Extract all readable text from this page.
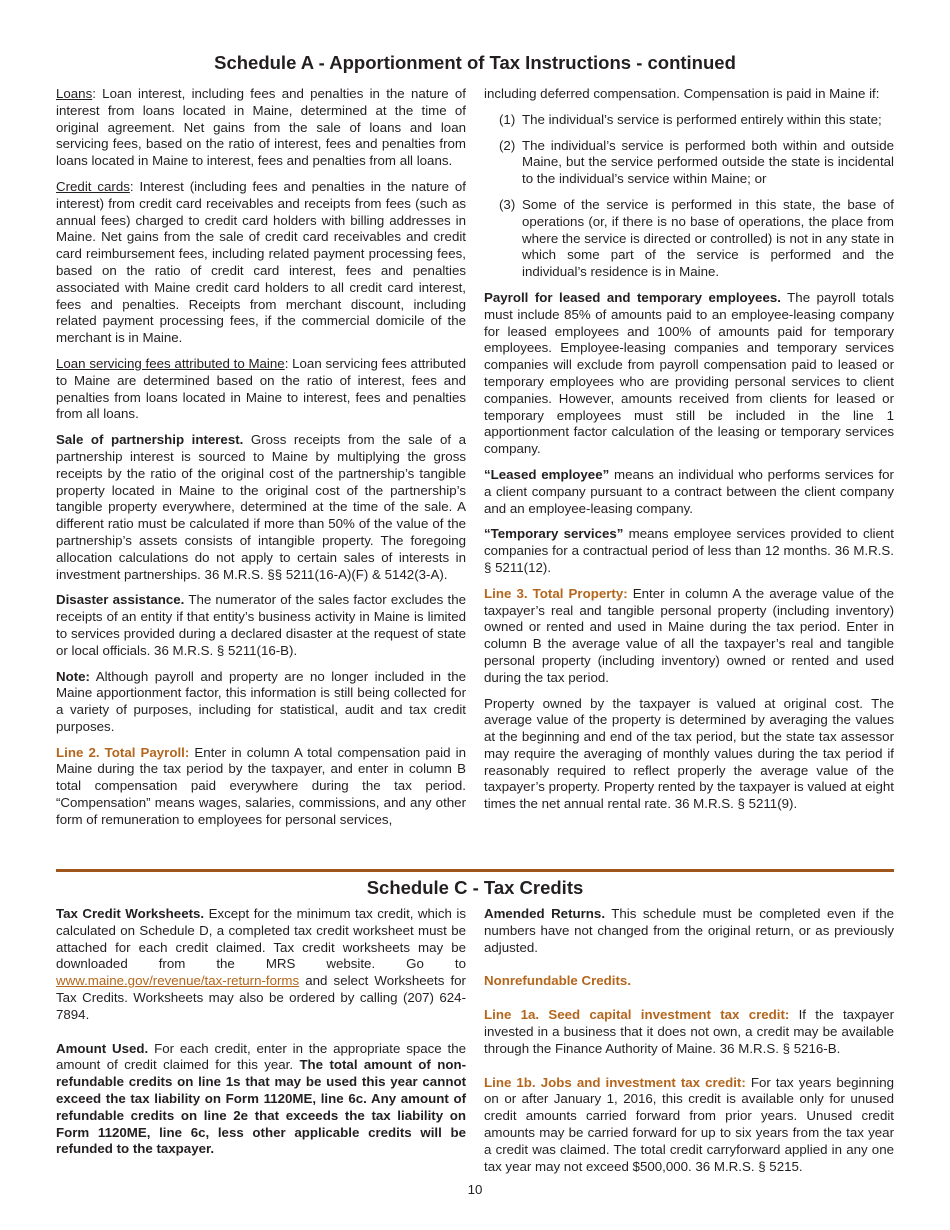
Schedule A - Apportionment of Tax Instructions - continued

Loans: Loan interest, including fees and penalties in the nature of interest from loans located in Maine, determined at the time of original agreement. Net gains from the sale of loans and loan servicing fees, based on the ratio of interest, fees and penalties from loans located in Maine to interest, fees and penalties from all loans.

Credit cards: Interest (including fees and penalties in the nature of interest) from credit card receivables and receipts from fees (such as annual fees) charged to credit card holders with billing addresses in Maine. Net gains from the sale of credit card receivables and credit card reimbursement fees, including related payment processing fees, based on the ratio of credit card interest, fees and penalties associated with Maine credit card holders to all credit card interest, fees and penalties. Receipts from merchant discount, including related payment processing fees, if the commercial domicile of the merchant is in Maine.

Loan servicing fees attributed to Maine: Loan servicing fees attributed to Maine are determined based on the ratio of interest, fees and penalties from loans located in Maine to interest, fees and penalties from all loans.

Sale of partnership interest. Gross receipts from the sale of a partnership interest is sourced to Maine by multiplying the gross receipts by the ratio of the original cost of the partnership’s tangible property located in Maine to the original cost of the partnership’s tangible property everywhere, determined at the time of the sale. A different ratio must be calculated if more than 50% of the value of the partnership’s assets consists of intangible property. The foregoing allocation calculations do not apply to certain sales of interests in investment partnerships. 36 M.R.S. §§ 5211(16-A)(F) & 5142(3-A).

Disaster assistance. The numerator of the sales factor excludes the receipts of an entity if that entity’s business activity in Maine is limited to services provided during a declared disaster at the request of state or local officials. 36 M.R.S. § 5211(16-B).

Note: Although payroll and property are no longer included in the Maine apportionment factor, this information is still being collected for a variety of purposes, including for statistical, audit and tax credit purposes.

Line 2. Total Payroll: Enter in column A total compensation paid in Maine during the tax period by the taxpayer, and enter in column B total compensation paid everywhere during the tax period. “Compensation” means wages, salaries, commissions, and any other form of remuneration to employees for personal services,

including deferred compensation. Compensation is paid in Maine if:

(1) The individual’s service is performed entirely within this state;
(2) The individual’s service is performed both within and outside Maine, but the service performed outside the state is incidental to the individual’s service within Maine; or
(3) Some of the service is performed in this state, the base of operations (or, if there is no base of operations, the place from where the service is directed or controlled) is not in any state in which some part of the service is performed and the individual’s residence is in Maine.

Payroll for leased and temporary employees. The payroll totals must include 85% of amounts paid to an employee-leasing company for leased employees and 100% of amounts paid for temporary employees. Employee-leasing companies and temporary services companies will exclude from payroll compensation paid to leased or temporary employees who are providing personal services to client companies. However, amounts received from clients for leased or temporary employees must still be included in the line 1 apportionment factor calculation of the leasing or temporary services company.

“Leased employee” means an individual who performs services for a client company pursuant to a contract between the client company and an employee-leasing company.

“Temporary services” means employee services provided to client companies for a contractual period of less than 12 months. 36 M.R.S. § 5211(12).

Line 3. Total Property: Enter in column A the average value of the taxpayer’s real and tangible personal property (including inventory) owned or rented and used in Maine during the tax period. Enter in column B the average value of all the taxpayer’s real and tangible personal property (including inventory) owned or rented and used during the tax period.

Property owned by the taxpayer is valued at original cost. The average value of the property is determined by averaging the values at the beginning and end of the tax period, but the state tax assessor may require the averaging of monthly values during the tax period if reasonably required to reflect properly the average value of the taxpayer’s property. Property rented by the taxpayer is valued at eight times the net annual rental rate. 36 M.R.S. § 5211(9).

Schedule C - Tax Credits

Tax Credit Worksheets. Except for the minimum tax credit, which is calculated on Schedule D, a completed tax credit worksheet must be attached for each credit claimed. Tax credit worksheets may be downloaded from the MRS website. Go to www.maine.gov/revenue/tax-return-forms and select Worksheets for Tax Credits. Worksheets may also be ordered by calling (207) 624-7894.

Amount Used. For each credit, enter in the appropriate space the amount of credit claimed for this year. The total amount of non-refundable credits on line 1s that may be used this year cannot exceed the tax liability on Form 1120ME, line 6c. Any amount of refundable credits on line 2e that exceeds the tax liability on Form 1120ME, line 6c, less other applicable credits will be refunded to the taxpayer.

Amended Returns. This schedule must be completed even if the numbers have not changed from the original return, or as previously adjusted.

Nonrefundable Credits.

Line 1a. Seed capital investment tax credit: If the taxpayer invested in a business that it does not own, a credit may be available through the Finance Authority of Maine. 36 M.R.S. § 5216-B.

Line 1b. Jobs and investment tax credit: For tax years beginning on or after January 1, 2016, this credit is available only for unused credit amounts carried forward from prior years. Unused credit amounts may be carried forward for up to six years from the tax year a credit was claimed. The total credit carryforward applied in any one tax year may not exceed $500,000. 36 M.R.S. § 5215.

10
